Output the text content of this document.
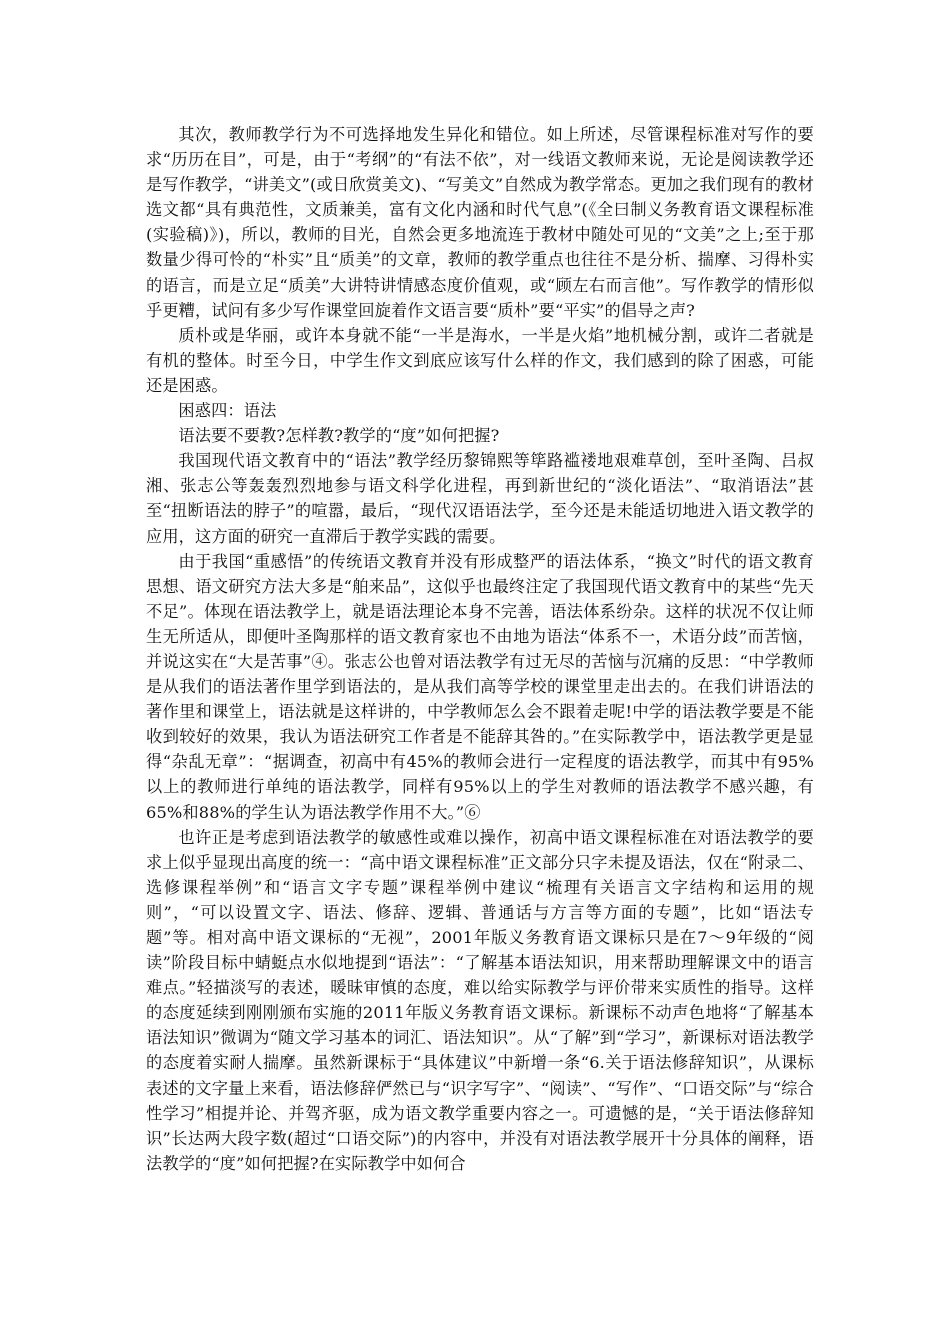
其次，教师教学行为不可选择地发生异化和错位。如上所述，尽管课程标准对写作的要求“历历在目”，可是，由于“考纲”的“有法不依”，对一线语文教师来说，无论是阅读教学还是写作教学，“讲美文”(或日欣赏美文)、“写美文”自然成为教学常态。更加之我们现有的教材选文都“具有典范性，文质兼美，富有文化内涵和时代气息”(《全曰制义务教育语文课程标准(实验稿)》)，所以，教师的目光，自然会更多地流连于教材中随处可见的“文美”之上;至于那数量少得可怜的“朴实”且“质美”的文章，教师的教学重点也往往不是分析、揣摩、习得朴实的语言，而是立足“质美”大讲特讲情感态度价值观，或“顾左右而言他”。写作教学的情形似乎更糟，试问有多少写作课堂回旋着作文语言要“质朴”要“平实”的倡导之声?

质朴或是华丽，或许本身就不能“一半是海水，一半是火焰”地机械分割，或许二者就是有机的整体。时至今日，中学生作文到底应该写什么样的作文，我们感到的除了困惑，可能还是困惑。

困惑四：语法

语法要不要教?怎样教?教学的“度”如何把握?

我国现代语文教育中的“语法”教学经历黎锦熙等筚路褴褛地艰难草创，至叶圣陶、吕叔湘、张志公等轰轰烈烈地参与语文科学化进程，再到新世纪的“淡化语法”、“取消语法”甚至“扭断语法的脖子”的喧嚣，最后，“现代汉语语法学，至今还是未能适切地进入语文教学的应用，这方面的研究一直滞后于教学实践的需要。

由于我国“重感悟”的传统语文教育并没有形成整严的语法体系，“换文”时代的语文教育思想、语文研究方法大多是“舶来品”，这似乎也最终注定了我国现代语文教育中的某些“先天不足”。体现在语法教学上，就是语法理论本身不完善，语法体系纷杂。这样的状况不仅让师生无所适从，即便叶圣陶那样的语文教育家也不由地为语法“体系不一，术语分歧”而苦恼，并说这实在“大是苦事”④。张志公也曾对语法教学有过无尽的苦恼与沉痛的反思：“中学教师是从我们的语法著作里学到语法的，是从我们高等学校的课堂里走出去的。在我们讲语法的著作里和课堂上，语法就是这样讲的，中学教师怎么会不跟着走呢!中学的语法教学要是不能收到较好的效果，我认为语法研究工作者是不能辞其咎的。”在实际教学中，语法教学更是显得“杂乱无章”：“据调查，初高中有45%的教师会进行一定程度的语法教学，而其中有95%以上的教师进行单纯的语法教学，同样有95%以上的学生对教师的语法教学不感兴趣，有65%和88%的学生认为语法教学作用不大。”⑥

也许正是考虑到语法教学的敏感性或难以操作，初高中语文课程标准在对语法教学的要求上似乎显现出高度的统一：“高中语文课程标准”正文部分只字未提及语法，仅在“附录二、选修课程举例”和“语言文字专题”课程举例中建议“梳理有关语言文字结构和运用的规则”，“可以设置文字、语法、修辞、逻辑、普通话与方言等方面的专题”，比如“语法专题”等。相对高中语文课标的“无视”，2001年版义务教育语文课标只是在7～9年级的“阅读”阶段目标中蜻蜓点水似地提到“语法”：“了解基本语法知识，用来帮助理解课文中的语言难点。”轻描淡写的表述，暖昧审慎的态度，难以给实际教学与评价带来实质性的指导。这样的态度延续到刚刚颁布实施的2011年版义务教育语文课标。新课标不动声色地将“了解基本语法知识”微调为“随文学习基本的词汇、语法知识”。从“了解”到“学习”，新课标对语法教学的态度着实耐人揣摩。虽然新课标于“具体建议”中新增一条“6.关于语法修辞知识”，从课标表述的文字量上来看，语法修辞俨然已与“识字写字”、“阅读”、“写作”、“口语交际”与“综合性学习”相提并论、并驾齐驱，成为语文教学重要内容之一。可遗憾的是，“关于语法修辞知识”长达两大段字数(超过“口语交际”)的内容中，并没有对语法教学展开十分具体的阐释，语法教学的“度”如何把握?在实际教学中如何合
